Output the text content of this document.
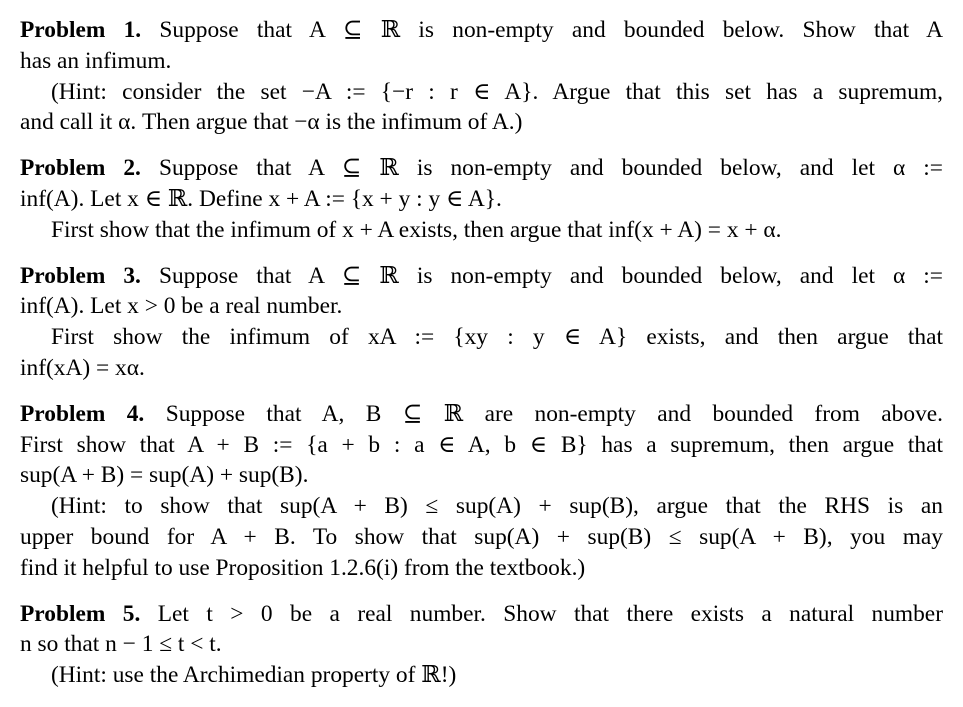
Problem 1. Suppose that A ⊆ ℝ is non-empty and bounded below. Show that A
has an infimum.
(Hint: consider the set −A := {−r : r ∈ A}. Argue that this set has a supremum,
and call it α. Then argue that −α is the infimum of A.)
Problem 2. Suppose that A ⊆ ℝ is non-empty and bounded below, and let α :=
inf(A). Let x ∈ ℝ. Define x + A := {x + y : y ∈ A}.
First show that the infimum of x + A exists, then argue that inf(x + A) = x + α.
Problem 3. Suppose that A ⊆ ℝ is non-empty and bounded below, and let α :=
inf(A). Let x > 0 be a real number.
First show the infimum of xA := {xy : y ∈ A} exists, and then argue that
inf(xA) = xα.
Problem 4. Suppose that A, B ⊆ ℝ are non-empty and bounded from above.
First show that A + B := {a + b : a ∈ A, b ∈ B} has a supremum, then argue that
sup(A + B) = sup(A) + sup(B).
(Hint: to show that sup(A + B) ≤ sup(A) + sup(B), argue that the RHS is an
upper bound for A + B. To show that sup(A) + sup(B) ≤ sup(A + B), you may
find it helpful to use Proposition 1.2.6(i) from the textbook.)
Problem 5. Let t > 0 be a real number. Show that there exists a natural number
n so that n − 1 ≤ t < t.
(Hint: use the Archimedian property of ℝ!)
